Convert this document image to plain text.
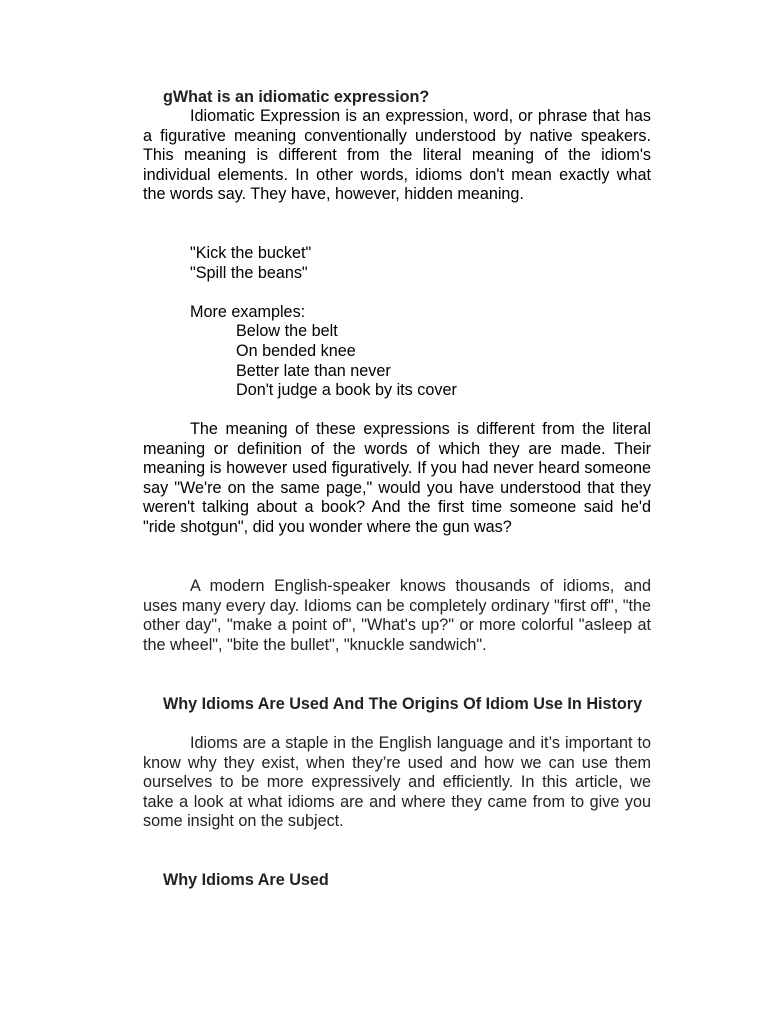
gWhat is an idiomatic expression?

Idiomatic Expression is an expression, word, or phrase that has a figurative meaning conventionally understood by native speakers. This meaning is different from the literal meaning of the idiom's individual elements. In other words, idioms don't mean exactly what the words say. They have, however, hidden meaning.

"Kick the bucket"
"Spill the beans"
More examples:
Below the belt
On bended knee
Better late than never
Don't judge a book by its cover

The meaning of these expressions is different from the literal meaning or definition of the words of which they are made. Their meaning is however used figuratively. If you had never heard someone say "We're on the same page," would you have understood that they weren't talking about a book? And the first time someone said he'd "ride shotgun", did you wonder where the gun was?

A modern English-speaker knows thousands of idioms, and uses many every day. Idioms can be completely ordinary "first off", "the other day", "make a point of", "What's up?" or more colorful "asleep at the wheel", "bite the bullet", "knuckle sandwich".

Why Idioms Are Used And The Origins Of Idiom Use In History

Idioms are a staple in the English language and it’s important to know why they exist, when they’re used and how we can use them ourselves to be more expressively and efficiently. In this article, we take a look at what idioms are and where they came from to give you some insight on the subject.

Why Idioms Are Used
